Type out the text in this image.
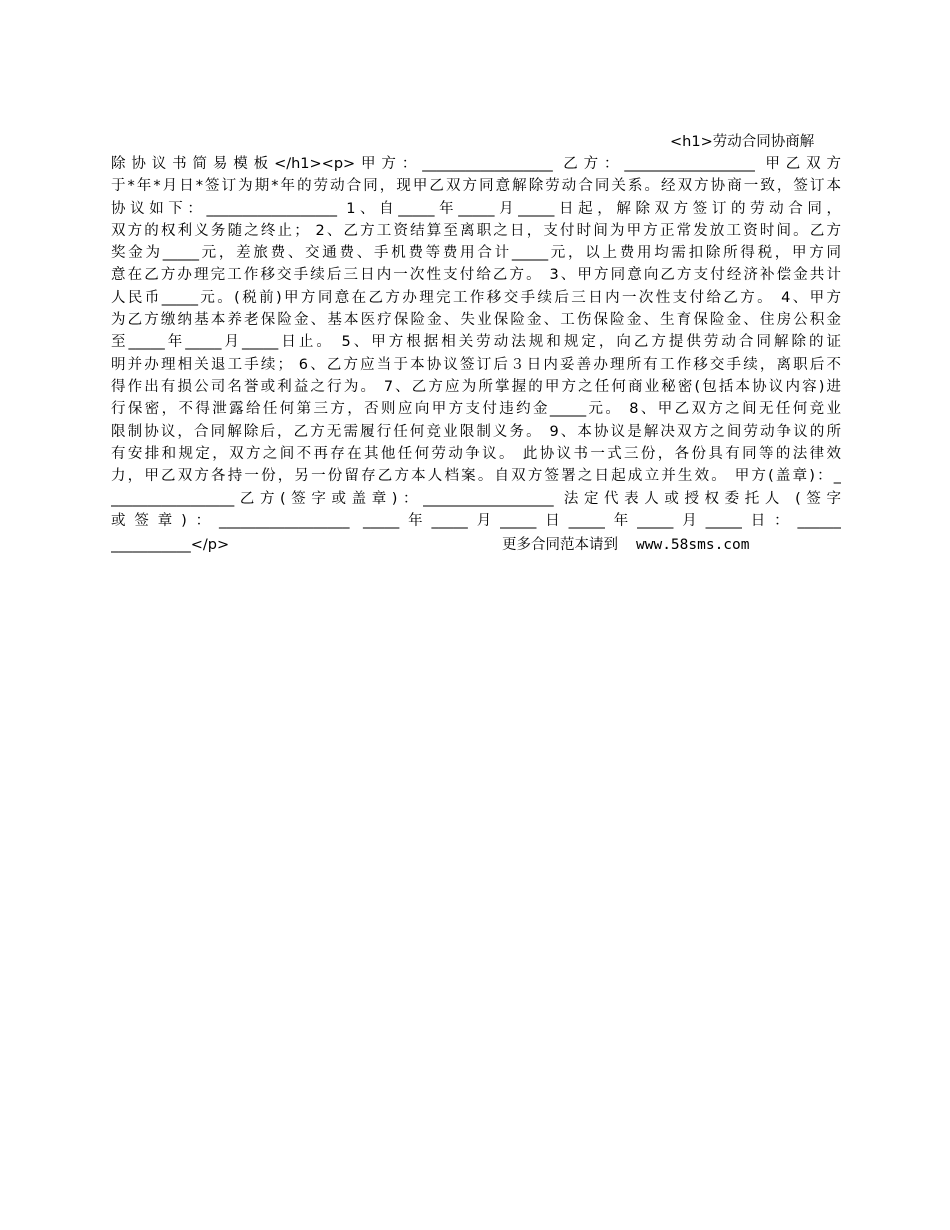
<h1>劳动合同协商解
除协议书简易模板</h1><p>甲方：__________________ 乙方：__________________ 甲乙双方
于*年*月日*签订为期*年的劳动合同，现甲乙双方同意解除劳动合同关系。经双方协商一致，签订本
协议如下：__________________ 1、自_____年_____月_____日起，解除双方签订的劳动合同，
双方的权利义务随之终止； 2、乙方工资结算至离职之日，支付时间为甲方正常发放工资时间。乙方
奖金为_____元，差旅费、交通费、手机费等费用合计_____元，以上费用均需扣除所得税，甲方同
意在乙方办理完工作移交手续后三日内一次性支付给乙方。 3、甲方同意向乙方支付经济补偿金共计
人民币_____元。(税前)甲方同意在乙方办理完工作移交手续后三日内一次性支付给乙方。 4、甲方
为乙方缴纳基本养老保险金、基本医疗保险金、失业保险金、工伤保险金、生育保险金、住房公积金
至_____年_____月_____日止。 5、甲方根据相关劳动法规和规定，向乙方提供劳动合同解除的证
明并办理相关退工手续； 6、乙方应当于本协议签订后３日内妥善办理所有工作移交手续，离职后不
得作出有损公司名誉或利益之行为。 7、乙方应为所掌握的甲方之任何商业秘密(包括本协议内容)进
行保密，不得泄露给任何第三方，否则应向甲方支付违约金_____元。 8、甲乙双方之间无任何竞业
限制协议，合同解除后，乙方无需履行任何竞业限制义务。 9、本协议是解决双方之间劳动争议的所
有安排和规定，双方之间不再存在其他任何劳动争议。 此协议书一式三份，各份具有同等的法律效
力，甲乙双方各持一份，另一份留存乙方本人档案。自双方签署之日起成立并生效。 甲方(盖章)：_
_________________乙方(签字或盖章)：__________________ 法定代表人或授权委托人 (签字
或签章)：__________________ _____年_____月_____日_____年_____月_____日：______
___________</p>	更多合同范本请到	www.58sms.com
